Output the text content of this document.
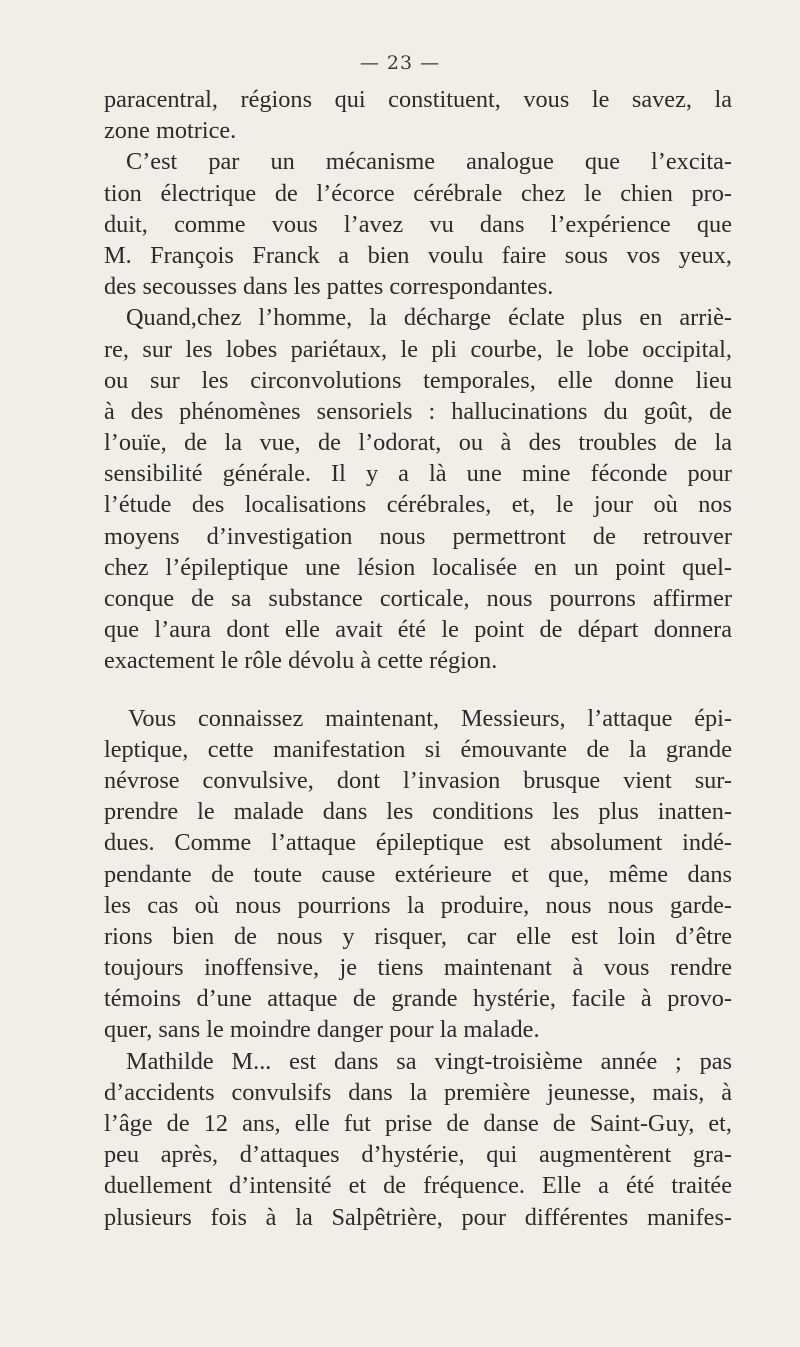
— 23 —
paracentral, régions qui constituent, vous le savez, la
zone motrice.
C’est par un mécanisme analogue que l’excita-
tion électrique de l’écorce cérébrale chez le chien pro-
duit, comme vous l’avez vu dans l’expérience que
M. François Franck a bien voulu faire sous vos yeux,
des secousses dans les pattes correspondantes.
Quand,chez l’homme, la décharge éclate plus en arriè-
re, sur les lobes pariétaux, le pli courbe, le lobe occipital,
ou sur les circonvolutions temporales, elle donne lieu
à des phénomènes sensoriels : hallucinations du goût, de
l’ouïe, de la vue, de l’odorat, ou à des troubles de la
sensibilité générale. Il y a là une mine féconde pour
l’étude des localisations cérébrales, et, le jour où nos
moyens d’investigation nous permettront de retrouver
chez l’épileptique une lésion localisée en un point quel-
conque de sa substance corticale, nous pourrons affirmer
que l’aura dont elle avait été le point de départ donnera
exactement le rôle dévolu à cette région.
Vous connaissez maintenant, Messieurs, l’attaque épi-
leptique, cette manifestation si émouvante de la grande
névrose convulsive, dont l’invasion brusque vient sur-
prendre le malade dans les conditions les plus inatten-
dues. Comme l’attaque épileptique est absolument indé-
pendante de toute cause extérieure et que, même dans
les cas où nous pourrions la produire, nous nous garde-
rions bien de nous y risquer, car elle est loin d’être
toujours inoffensive, je tiens maintenant à vous rendre
témoins d’une attaque de grande hystérie, facile à provo-
quer, sans le moindre danger pour la malade.
Mathilde M... est dans sa vingt-troisième année ; pas
d’accidents convulsifs dans la première jeunesse, mais, à
l’âge de 12 ans, elle fut prise de danse de Saint-Guy, et,
peu après, d’attaques d’hystérie, qui augmentèrent gra-
duellement d’intensité et de fréquence. Elle a été traitée
plusieurs fois à la Salpêtrière, pour différentes manifes-
